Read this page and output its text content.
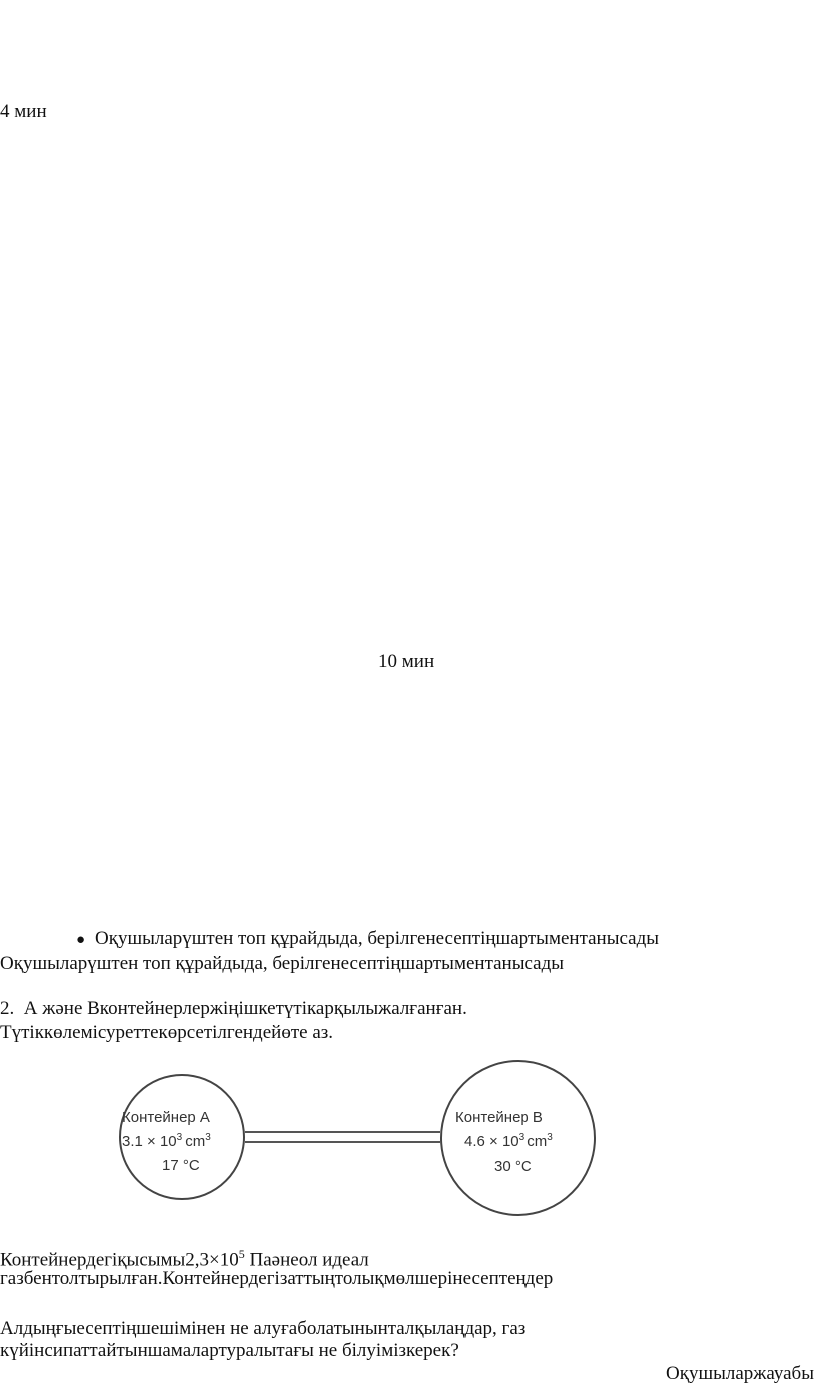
4 мин
10 мин
● Оқушыларүштен топ құрайдыда, берілгенесептіңшартыментанысады
Оқушыларүштен топ құрайдыда, берілгенесептіңшартыментанысады
2. А және Вконтейнерлержіңішкетүтікарқылыжалғанған.
Түтіккөлемісуреттекөрсетілгендейөте аз.
Контейнер А
$3.1 \times 10^3$ $cm^3$
17 °C
Контейнер В
$4.6 \times 10^3$ $cm^3$
30 °C
$Контейнердегіқысымы2,3\times 10^5$ Паәнеол идеал
газбентолтырылған.Контейнердегізаттыңтолықмөлшерінесептеңдер
Алдыңғыесептіңшешімінен не алуғаболатынынталқылаңдар, газ
күйінсипаттайтыншамалартуралытағы не білуімізкерек?
Оқушыларжауабы
